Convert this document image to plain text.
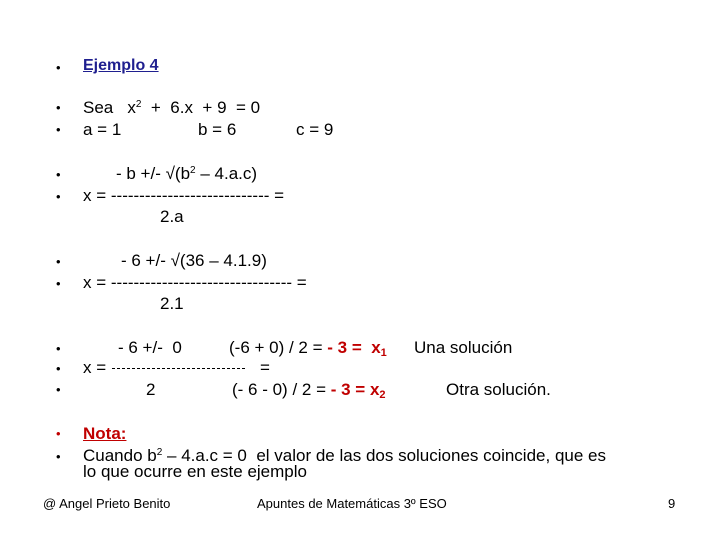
•
•
•
•
•
•
•
•
•
•
•
•
Ejemplo 4
Sea   $x^2 + 6.x + 9 = 0$
a = 1	b = 6	c = 9
- b +/- $√(b^2 - 4.a.c)$
x = ---------------------------- =
2.a
- 6 +/- √(36 – 4.1.9)
x = -------------------------------- =
2.1
- 6 +/-  0
x =	=
2
(-6 + 0) / 2 = - $3 = x_1$ Una solución
(- 6 - 0) / 2 = - $3 = x_2$	Otra solución.
Nota:
Cuando $b^2 - 4.a.c = 0$  el valor de las dos soluciones coincide, que es
lo que ocurre en este ejemplo
@ Angel Prieto Benito	Apuntes de Matemáticas 3º ESO	9
